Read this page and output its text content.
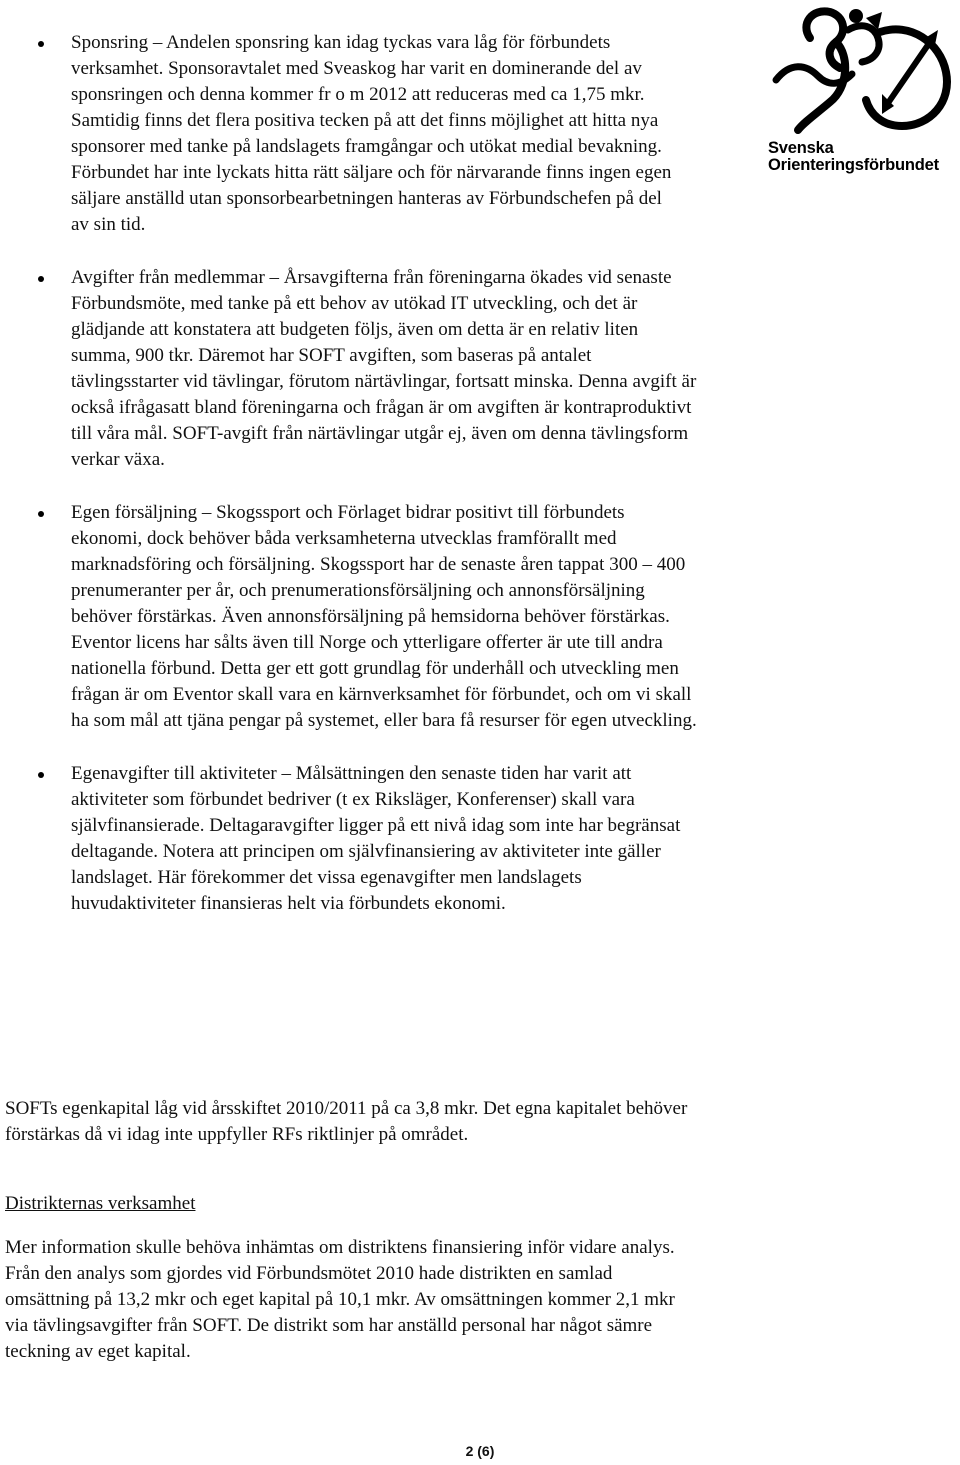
Svenska
Orienteringsförbundet
Sponsring – Andelen sponsring kan idag tyckas vara låg för förbundets verksamhet. Sponsoravtalet med Sveaskog har varit en dominerande del av sponsringen och denna kommer fr o m 2012 att reduceras med ca 1,75 mkr. Samtidig finns det flera positiva tecken på att det finns möjlighet att hitta nya sponsorer med tanke på landslagets framgångar och utökat medial bevakning. Förbundet har inte lyckats hitta rätt säljare och för närvarande finns ingen egen säljare anställd utan sponsorbearbetningen hanteras av Förbundschefen på del av sin tid.
Avgifter från medlemmar – Årsavgifterna från föreningarna ökades vid senaste Förbundsmöte, med tanke på ett behov av utökad IT utveckling, och det är glädjande att konstatera att budgeten följs, även om detta är en relativ liten summa, 900 tkr. Däremot har SOFT avgiften, som baseras på antalet tävlingsstarter vid tävlingar, förutom närtävlingar, fortsatt minska. Denna avgift är också ifrågasatt bland föreningarna och frågan är om avgiften är kontraproduktivt till våra mål. SOFT-avgift från närtävlingar utgår ej, även om denna tävlingsform verkar växa.
Egen försäljning – Skogssport och Förlaget bidrar positivt till förbundets ekonomi, dock behöver båda verksamheterna utvecklas framförallt med marknadsföring och försäljning. Skogssport har de senaste åren tappat 300 – 400 prenumeranter per år, och prenumerationsförsäljning och annonsförsäljning behöver förstärkas. Även annonsförsäljning på hemsidorna behöver förstärkas. Eventor licens har sålts även till Norge och ytterligare offerter är ute till andra nationella förbund. Detta ger ett gott grundlag för underhåll och utveckling men frågan är om Eventor skall vara en kärnverksamhet för förbundet, och om vi skall ha som mål att tjäna pengar på systemet, eller bara få resurser för egen utveckling.
Egenavgifter till aktiviteter – Målsättningen den senaste tiden har varit att aktiviteter som förbundet bedriver (t ex Riksläger, Konferenser) skall vara självfinansierade. Deltagaravgifter ligger på ett nivå idag som inte har begränsat deltagande. Notera att principen om självfinansiering av aktiviteter inte gäller landslaget. Här förekommer det vissa egenavgifter men landslagets huvudaktiviteter finansieras helt via förbundets ekonomi.

SOFTs egenkapital låg vid årsskiftet 2010/2011 på ca 3,8 mkr. Det egna kapitalet behöver förstärkas då vi idag inte uppfyller RFs riktlinjer på området.

Distrikternas verksamhet

Mer information skulle behöva inhämtas om distriktens finansiering inför vidare analys. Från den analys som gjordes vid Förbundsmötet 2010 hade distrikten en samlad omsättning på 13,2 mkr och eget kapital på 10,1 mkr. Av omsättningen kommer 2,1 mkr via tävlingsavgifter från SOFT. De distrikt som har anställd personal har något sämre teckning av eget kapital.

2 (6)
